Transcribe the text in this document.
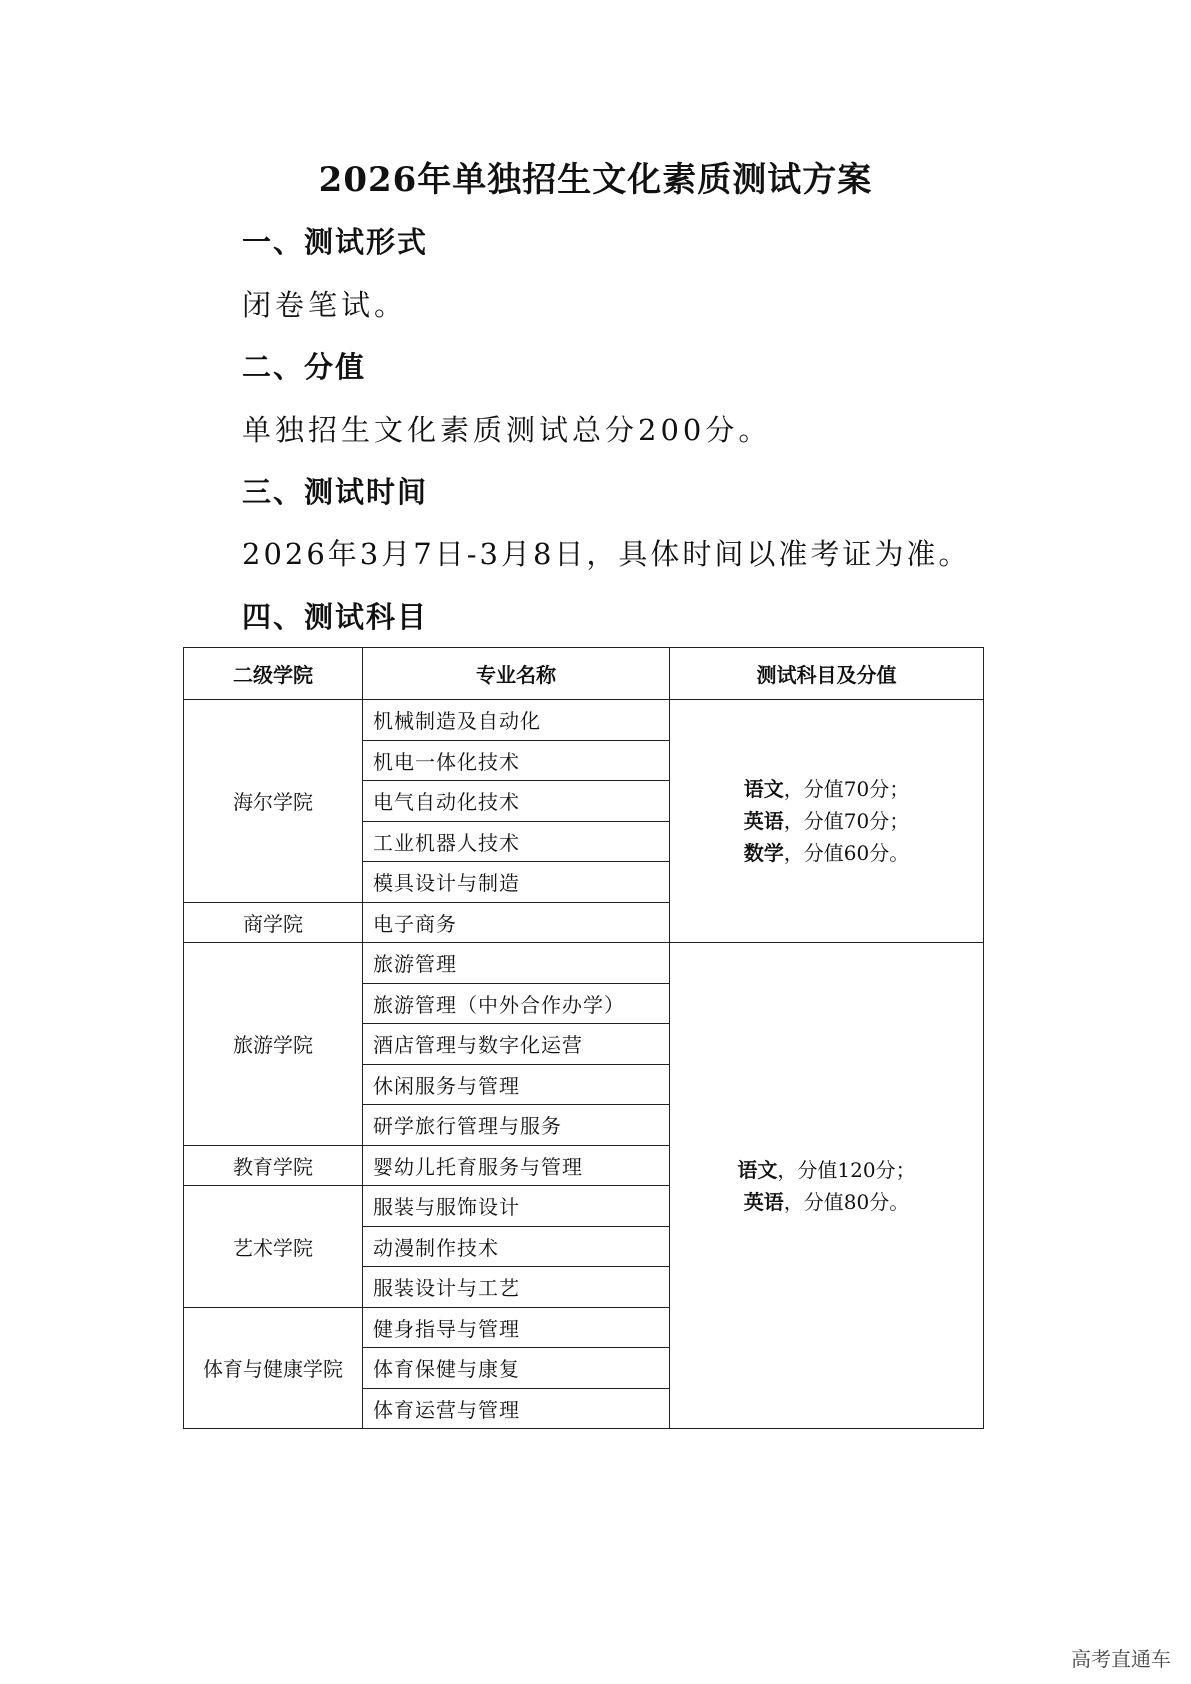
2026年单独招生文化素质测试方案
一、测试形式

闭卷笔试。

二、分值

单独招生文化素质测试总分200分。

三、测试时间

2026年3月7日-3月8日，具体时间以准考证为准。

四、测试科目
二级学院	专业名称	测试科目及分值
海尔学院	机械制造及自动化	语文，分值70分；
英语，分值70分；
数学，分值60分。

	机电一体化技术	
	电气自动化技术	
	工业机器人技术	
	模具设计与制造	
商学院	电子商务	
旅游学院	旅游管理	语文，分值120分；
英语，分值80分。

	旅游管理（中外合作办学）	
	酒店管理与数字化运营	
	休闲服务与管理	
	研学旅行管理与服务	
教育学院	婴幼儿托育服务与管理	
艺术学院	服装与服饰设计	
	动漫制作技术	
	服装设计与工艺	
体育与健康学院	健身指导与管理	
	体育保健与康复	
	体育运营与管理	
高考直通车
